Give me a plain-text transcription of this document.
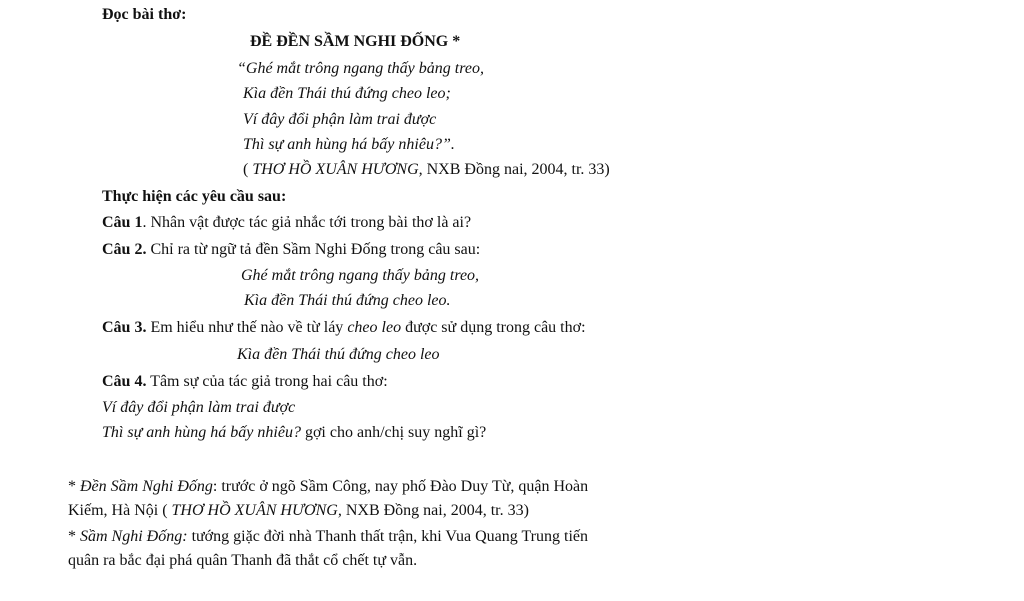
Đọc bài thơ:
ĐỀ ĐỀN SẦM NGHI ĐỐNG *
“Ghé mắt trông ngang thấy bảng treo,
Kìa đền Thái thú đứng cheo leo;
Ví đây đổi phận làm trai được
Thì sự anh hùng há bấy nhiêu?”.
( THƠ HỒ XUÂN HƯƠNG, NXB Đồng nai, 2004, tr. 33)
Thực hiện các yêu cầu sau:
Câu 1. Nhân vật được tác giả nhắc tới trong bài thơ là ai?
Câu 2. Chỉ ra từ ngữ tả đền Sầm Nghi Đống trong câu sau:
Ghé mắt trông ngang thấy bảng treo,
Kìa đền Thái thú đứng cheo leo.
Câu 3. Em hiểu như thế nào về từ láy cheo leo được sử dụng trong câu thơ:
Kìa đền Thái thú đứng cheo leo
Câu 4. Tâm sự của tác giả trong hai câu thơ:
Ví đây đổi phận làm trai được
Thì sự anh hùng há bấy nhiêu? gợi cho anh/chị suy nghĩ gì?
* Đền Sầm Nghi Đống: trước ở ngõ Sầm Công, nay phố Đào Duy Từ, quận Hoàn
Kiếm, Hà Nội ( THƠ HỒ XUÂN HƯƠNG, NXB Đồng nai, 2004, tr. 33)
* Sầm Nghi Đống: tướng giặc đời nhà Thanh thất trận, khi Vua Quang Trung tiến
quân ra bắc đại phá quân Thanh đã thắt cổ chết tự vẫn.
